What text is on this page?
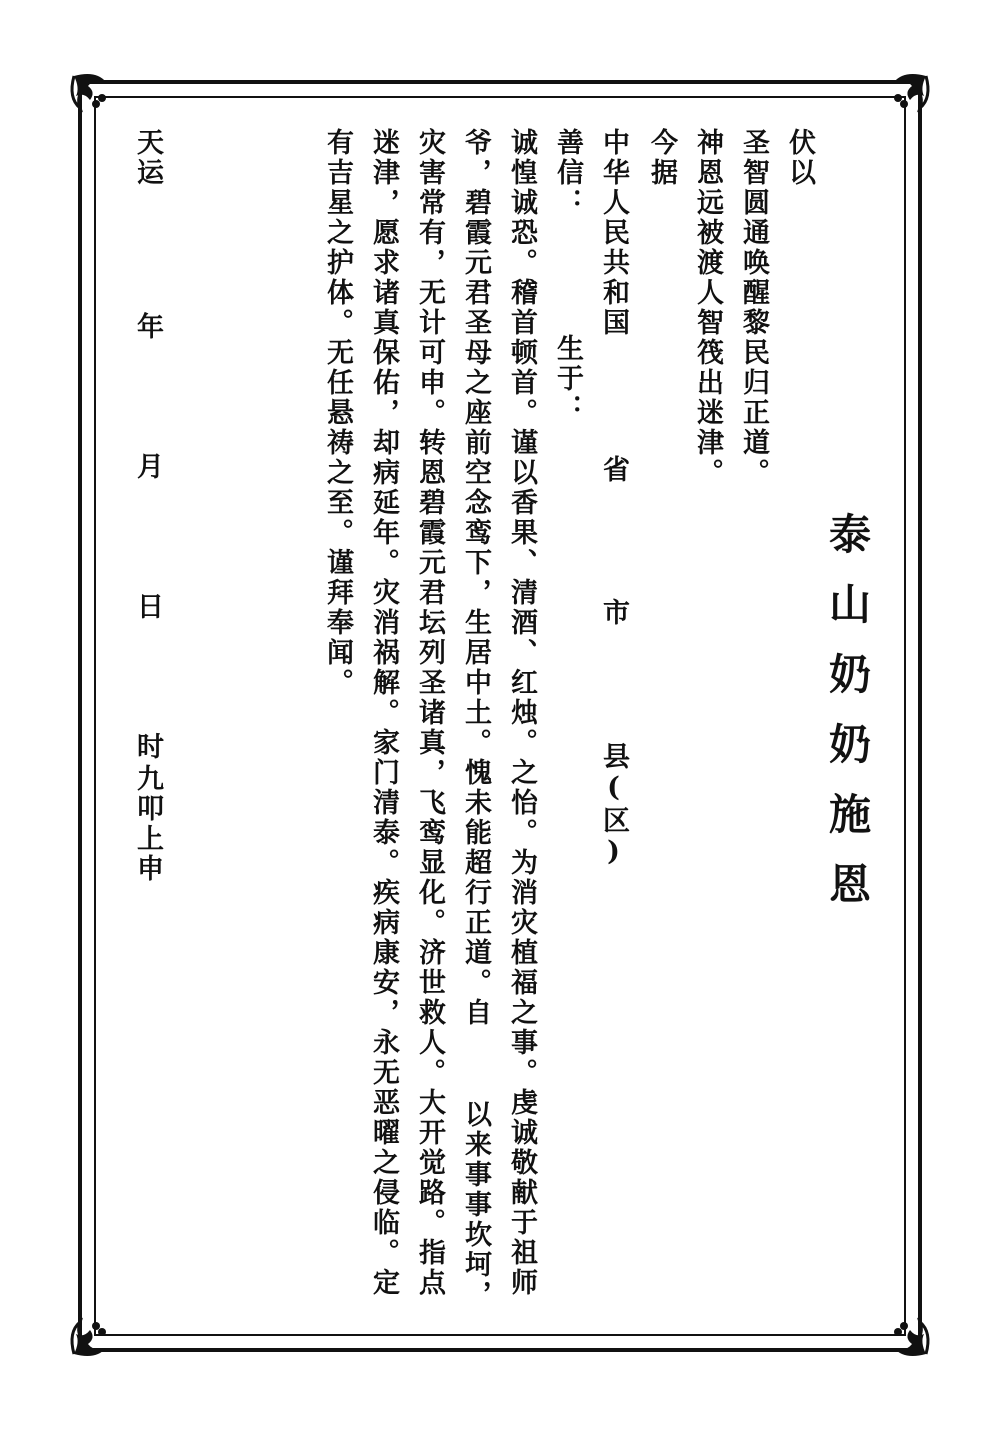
泰山奶奶施恩
伏以
圣智圆通唤醒黎民归正道。
神恩远被渡人智筏出迷津。
今据
中华人民共和国
省
市
县(区)
善信：
生于：
诚惶诚恐。稽首顿首。谨以香果、清酒、红烛。之怡。为消灾植福之事。虔诚敬献于祖师
爷，碧霞元君圣母之座前空念鸾下，生居中土。愧未能超行正道。自
以来事事坎坷，
灾害常有，无计可申。转恩碧霞元君坛列圣诸真，飞鸾显化。济世救人。大开觉路。指点
迷津，愿求诸真保佑，却病延年。灾消祸解。家门清泰。疾病康安，永无恶曜之侵临。定
有吉星之护体。无任悬祷之至。谨拜奉闻。
天运
年
月
日
时
九叩上申
